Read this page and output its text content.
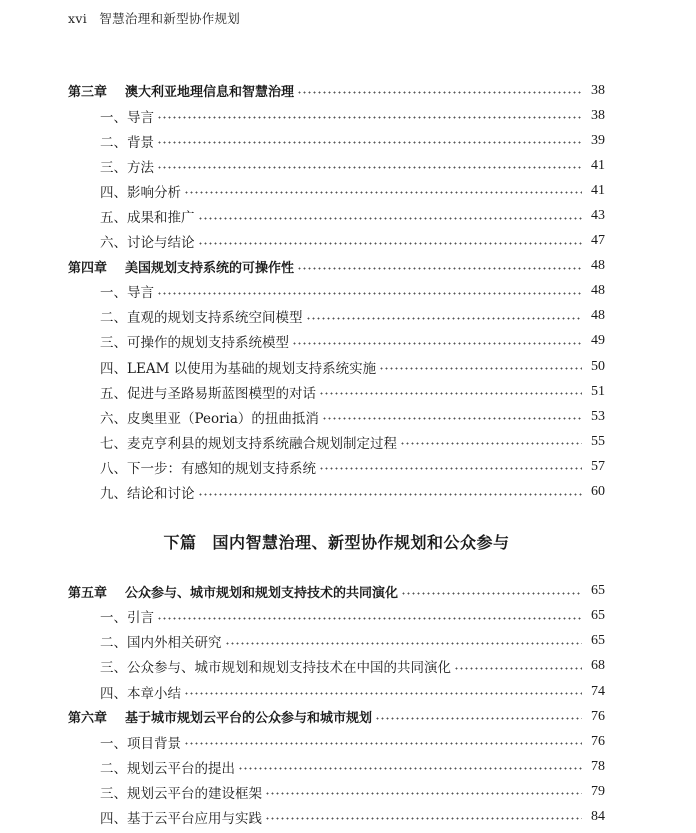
xvi 智慧治理和新型协作规划
第三章 澳大利亚地理信息和智慧治理	38
一、导言	38
二、背景	39
三、方法	41
四、影响分析	41
五、成果和推广	43
六、讨论与结论	47
第四章 美国规划支持系统的可操作性	48
一、导言	48
二、直观的规划支持系统空间模型	48
三、可操作的规划支持系统模型	49
四、LEAM 以使用为基础的规划支持系统实施	50
五、促进与圣路易斯蓝图模型的对话	51
六、皮奥里亚（Peoria）的扭曲抵消	53
七、麦克亨利县的规划支持系统融合规划制定过程	55
八、下一步：有感知的规划支持系统	57
九、结论和讨论	60
下篇 国内智慧治理、新型协作规划和公众参与
第五章 公众参与、城市规划和规划支持技术的共同演化	65
一、引言	65
二、国内外相关研究	65
三、公众参与、城市规划和规划支持技术在中国的共同演化	68
四、本章小结	74
第六章 基于城市规划云平台的公众参与和城市规划	76
一、项目背景	76
二、规划云平台的提出	78
三、规划云平台的建设框架	79
四、基于云平台应用与实践	84
